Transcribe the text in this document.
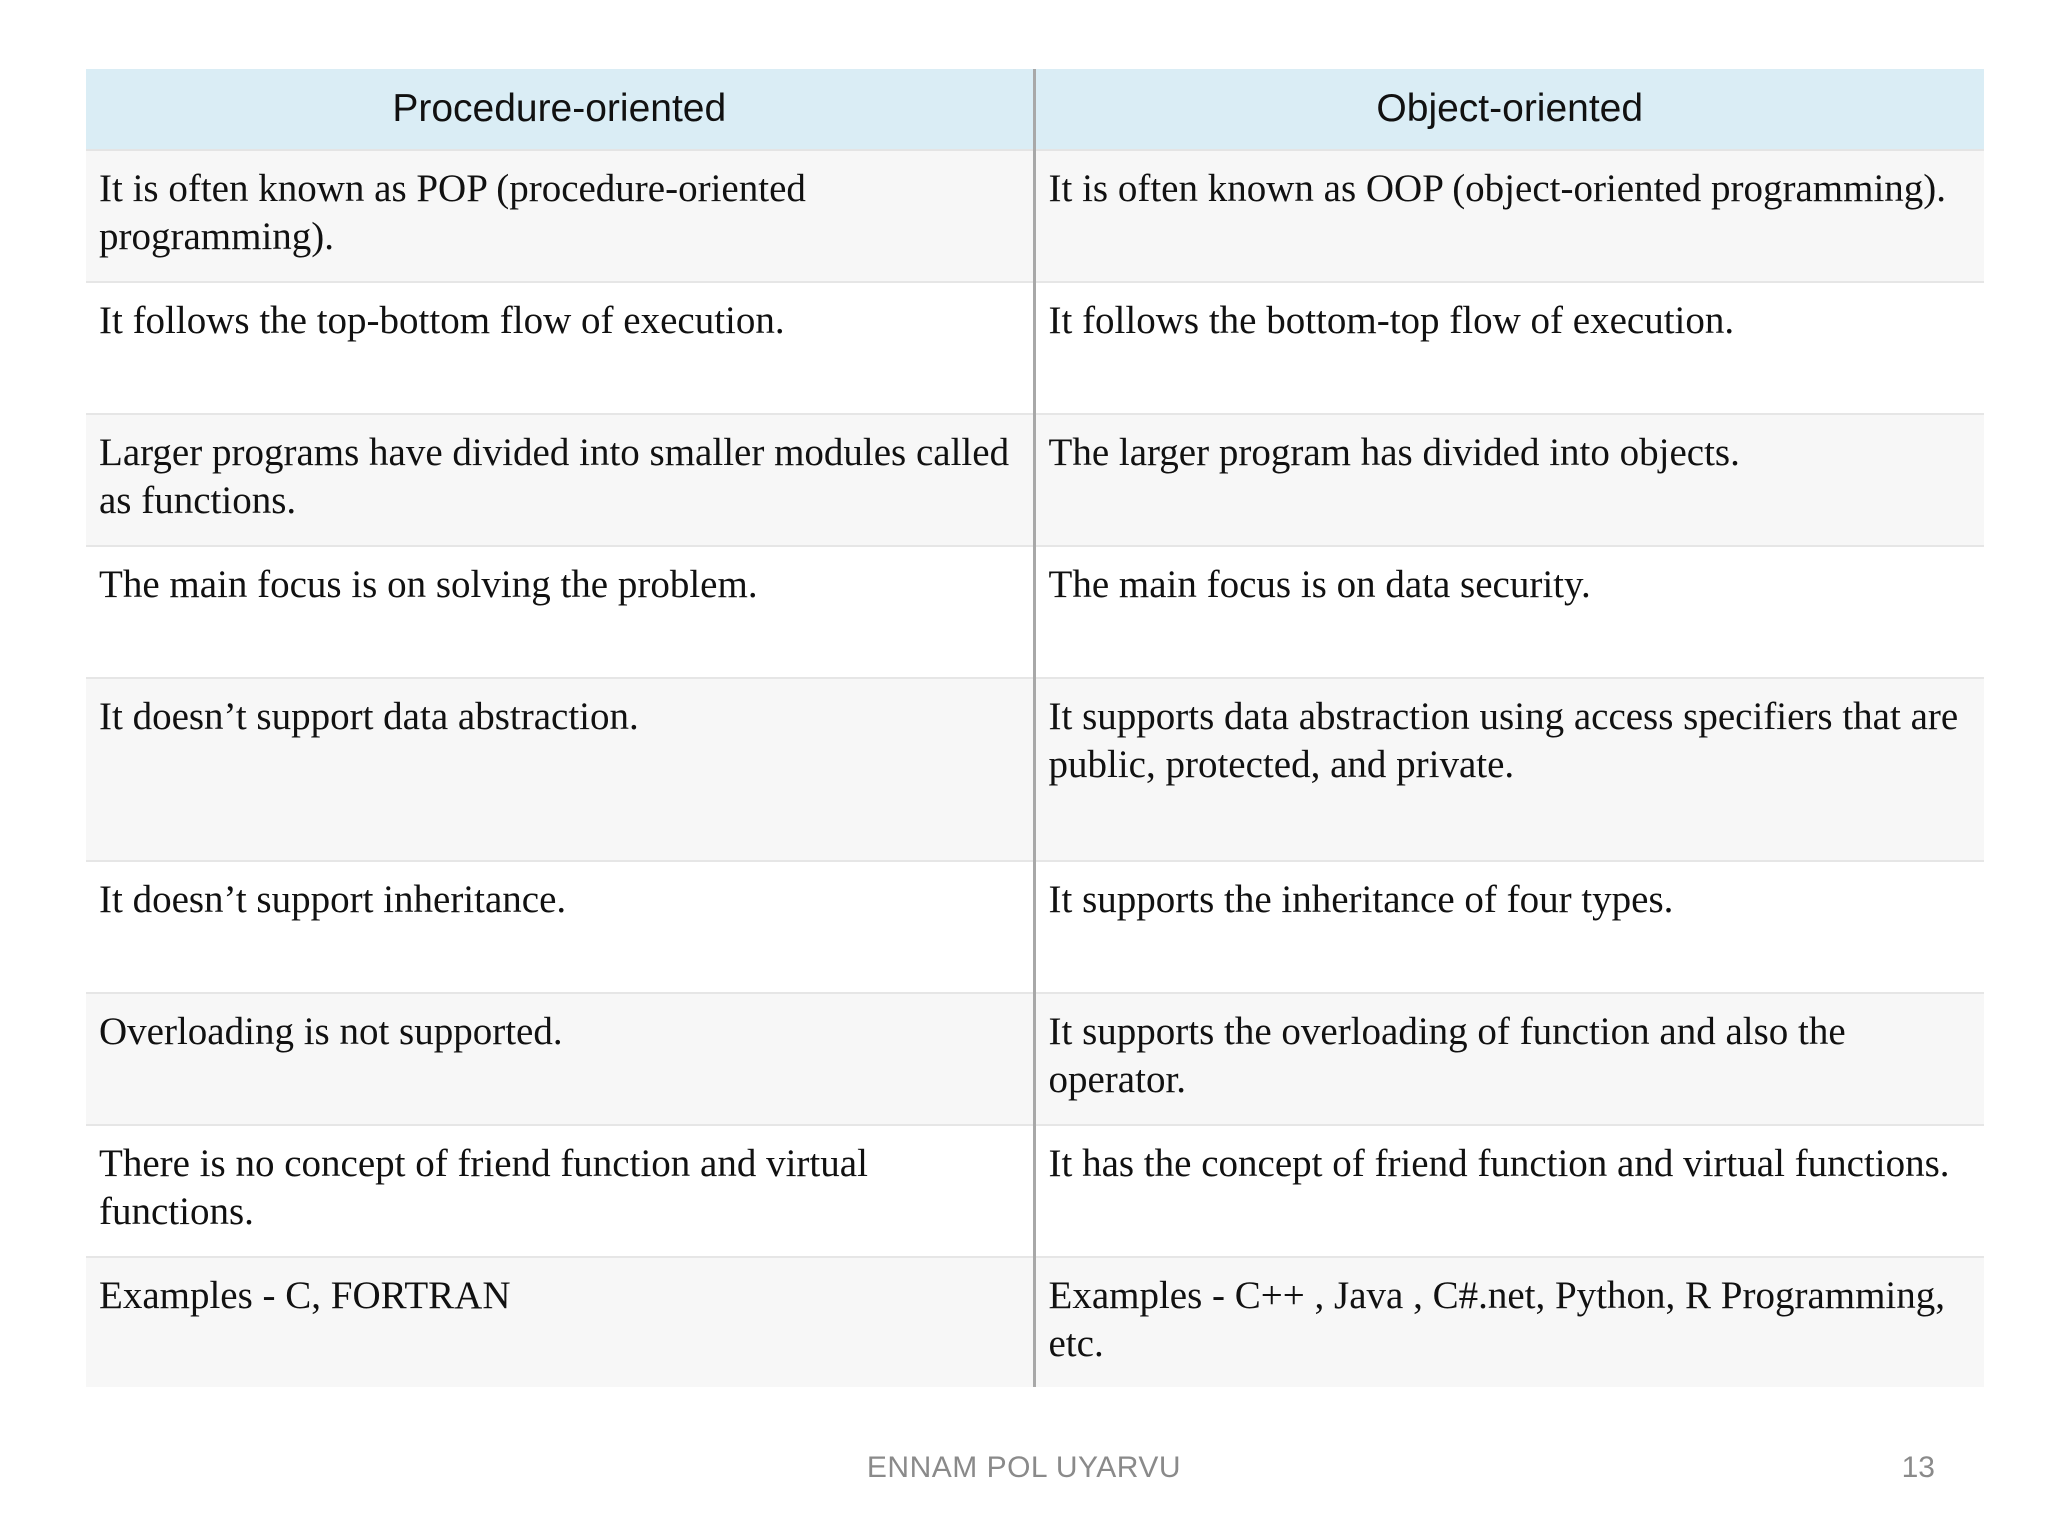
Procedure-oriented	Object-oriented
It is often known as POP (procedure-oriented programming).	It is often known as OOP (object-oriented programming).
It follows the top-bottom flow of execution.	It follows the bottom-top flow of execution.
Larger programs have divided into smaller modules called as functions.	The larger program has divided into objects.
The main focus is on solving the problem.	The main focus is on data security.
It doesn’t support data abstraction.	It supports data abstraction using access specifiers that are public, protected, and private.
It doesn’t support inheritance.	It supports the inheritance of four types.
Overloading is not supported.	It supports the overloading of function and also the operator.
There is no concept of friend function and virtual functions.	It has the concept of friend function and virtual functions.
Examples - C, FORTRAN	Examples - C++ , Java , C#.net, Python, R Programming, etc.
ENNAM POL UYARVU	13
